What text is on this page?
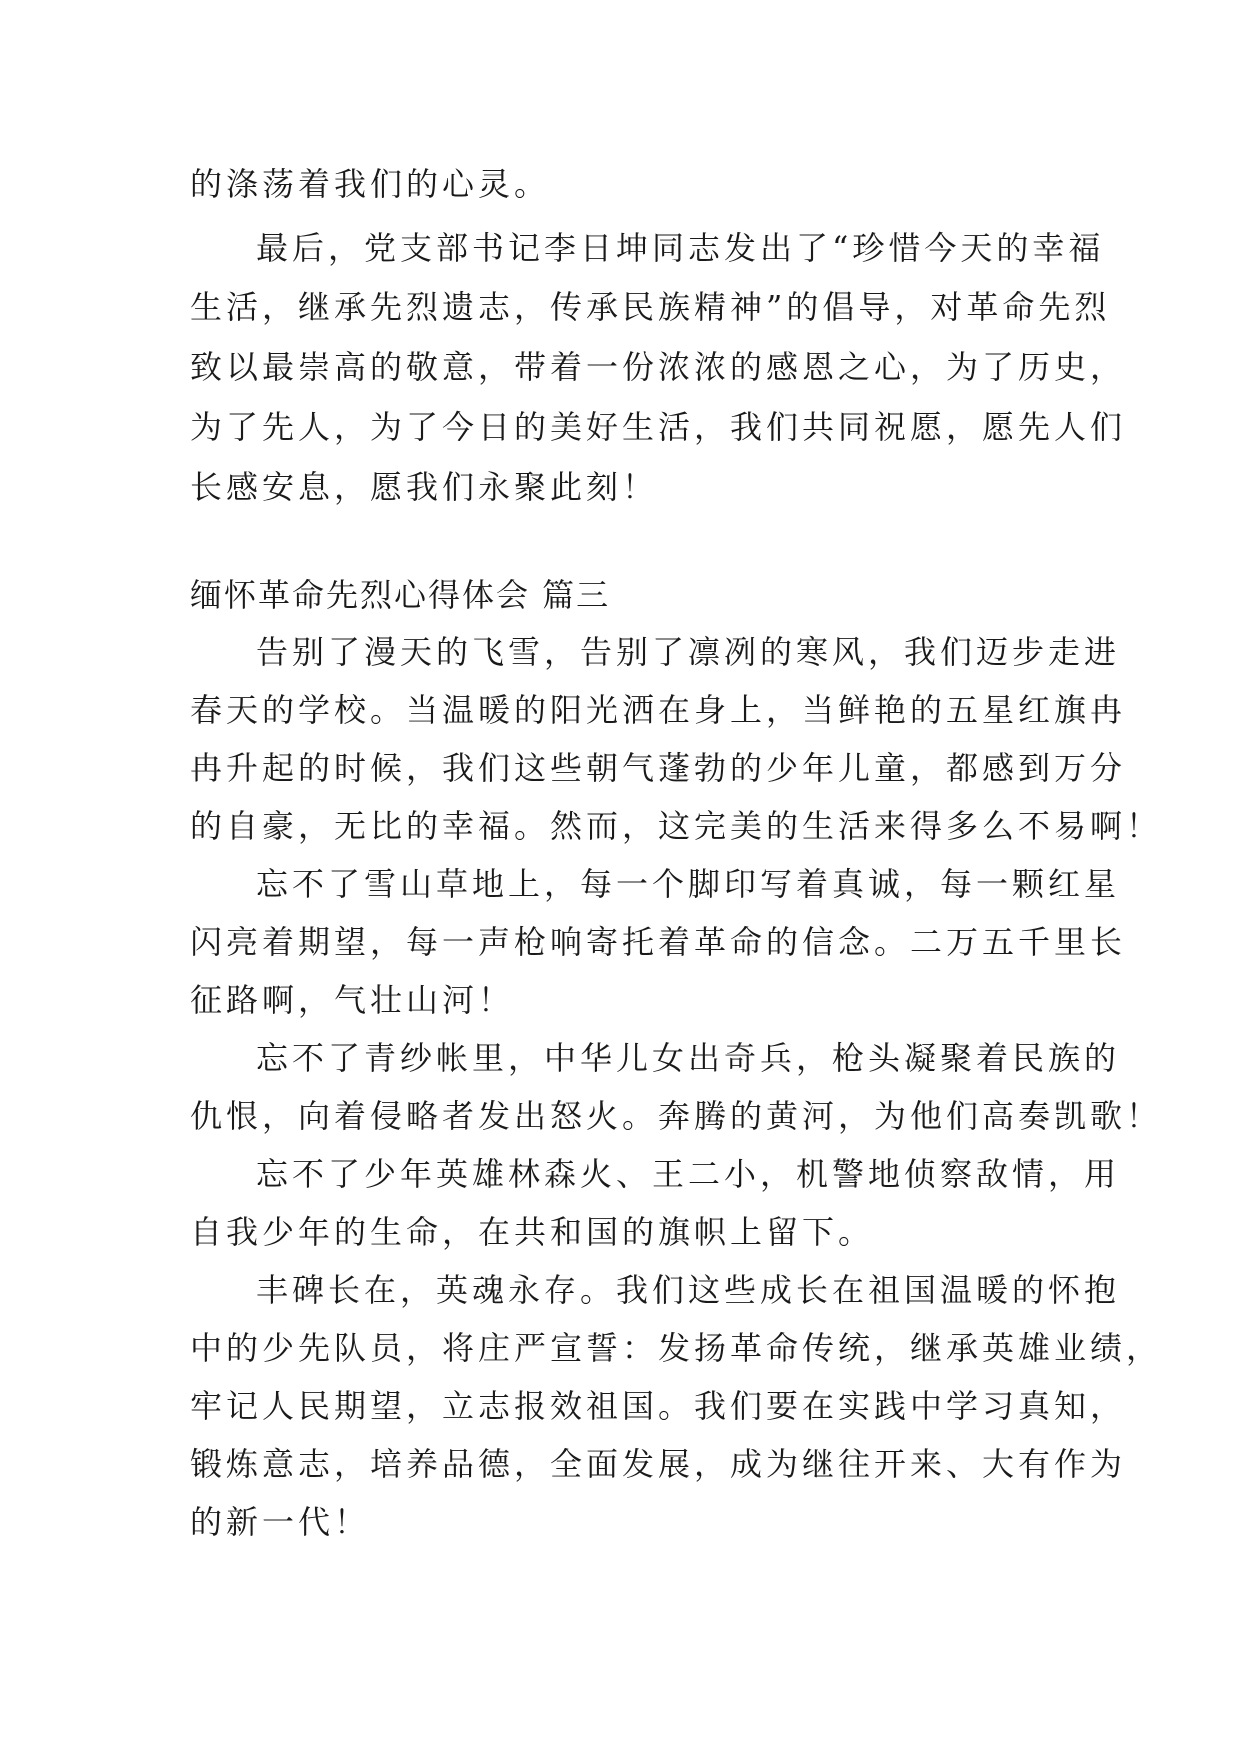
的涤荡着我们的心灵。
最后，党支部书记李日坤同志发出了“珍惜今天的幸福
生活，继承先烈遗志，传承民族精神”的倡导，对革命先烈
致以最崇高的敬意，带着一份浓浓的感恩之心，为了历史，
为了先人，为了今日的美好生活，我们共同祝愿，愿先人们
长感安息，愿我们永聚此刻！
缅怀革命先烈心得体会 篇三
告别了漫天的飞雪，告别了凛冽的寒风，我们迈步走进
春天的学校。当温暖的阳光洒在身上，当鲜艳的五星红旗冉
冉升起的时候，我们这些朝气蓬勃的少年儿童，都感到万分
的自豪，无比的幸福。然而，这完美的生活来得多么不易啊！
忘不了雪山草地上，每一个脚印写着真诚，每一颗红星
闪亮着期望，每一声枪响寄托着革命的信念。二万五千里长
征路啊，气壮山河！
忘不了青纱帐里，中华儿女出奇兵，枪头凝聚着民族的
仇恨，向着侵略者发出怒火。奔腾的黄河，为他们高奏凯歌！
忘不了少年英雄林森火、王二小，机警地侦察敌情，用
自我少年的生命，在共和国的旗帜上留下。
丰碑长在，英魂永存。我们这些成长在祖国温暖的怀抱
中的少先队员，将庄严宣誓：发扬革命传统，继承英雄业绩，
牢记人民期望，立志报效祖国。我们要在实践中学习真知，
锻炼意志，培养品德，全面发展，成为继往开来、大有作为
的新一代！
